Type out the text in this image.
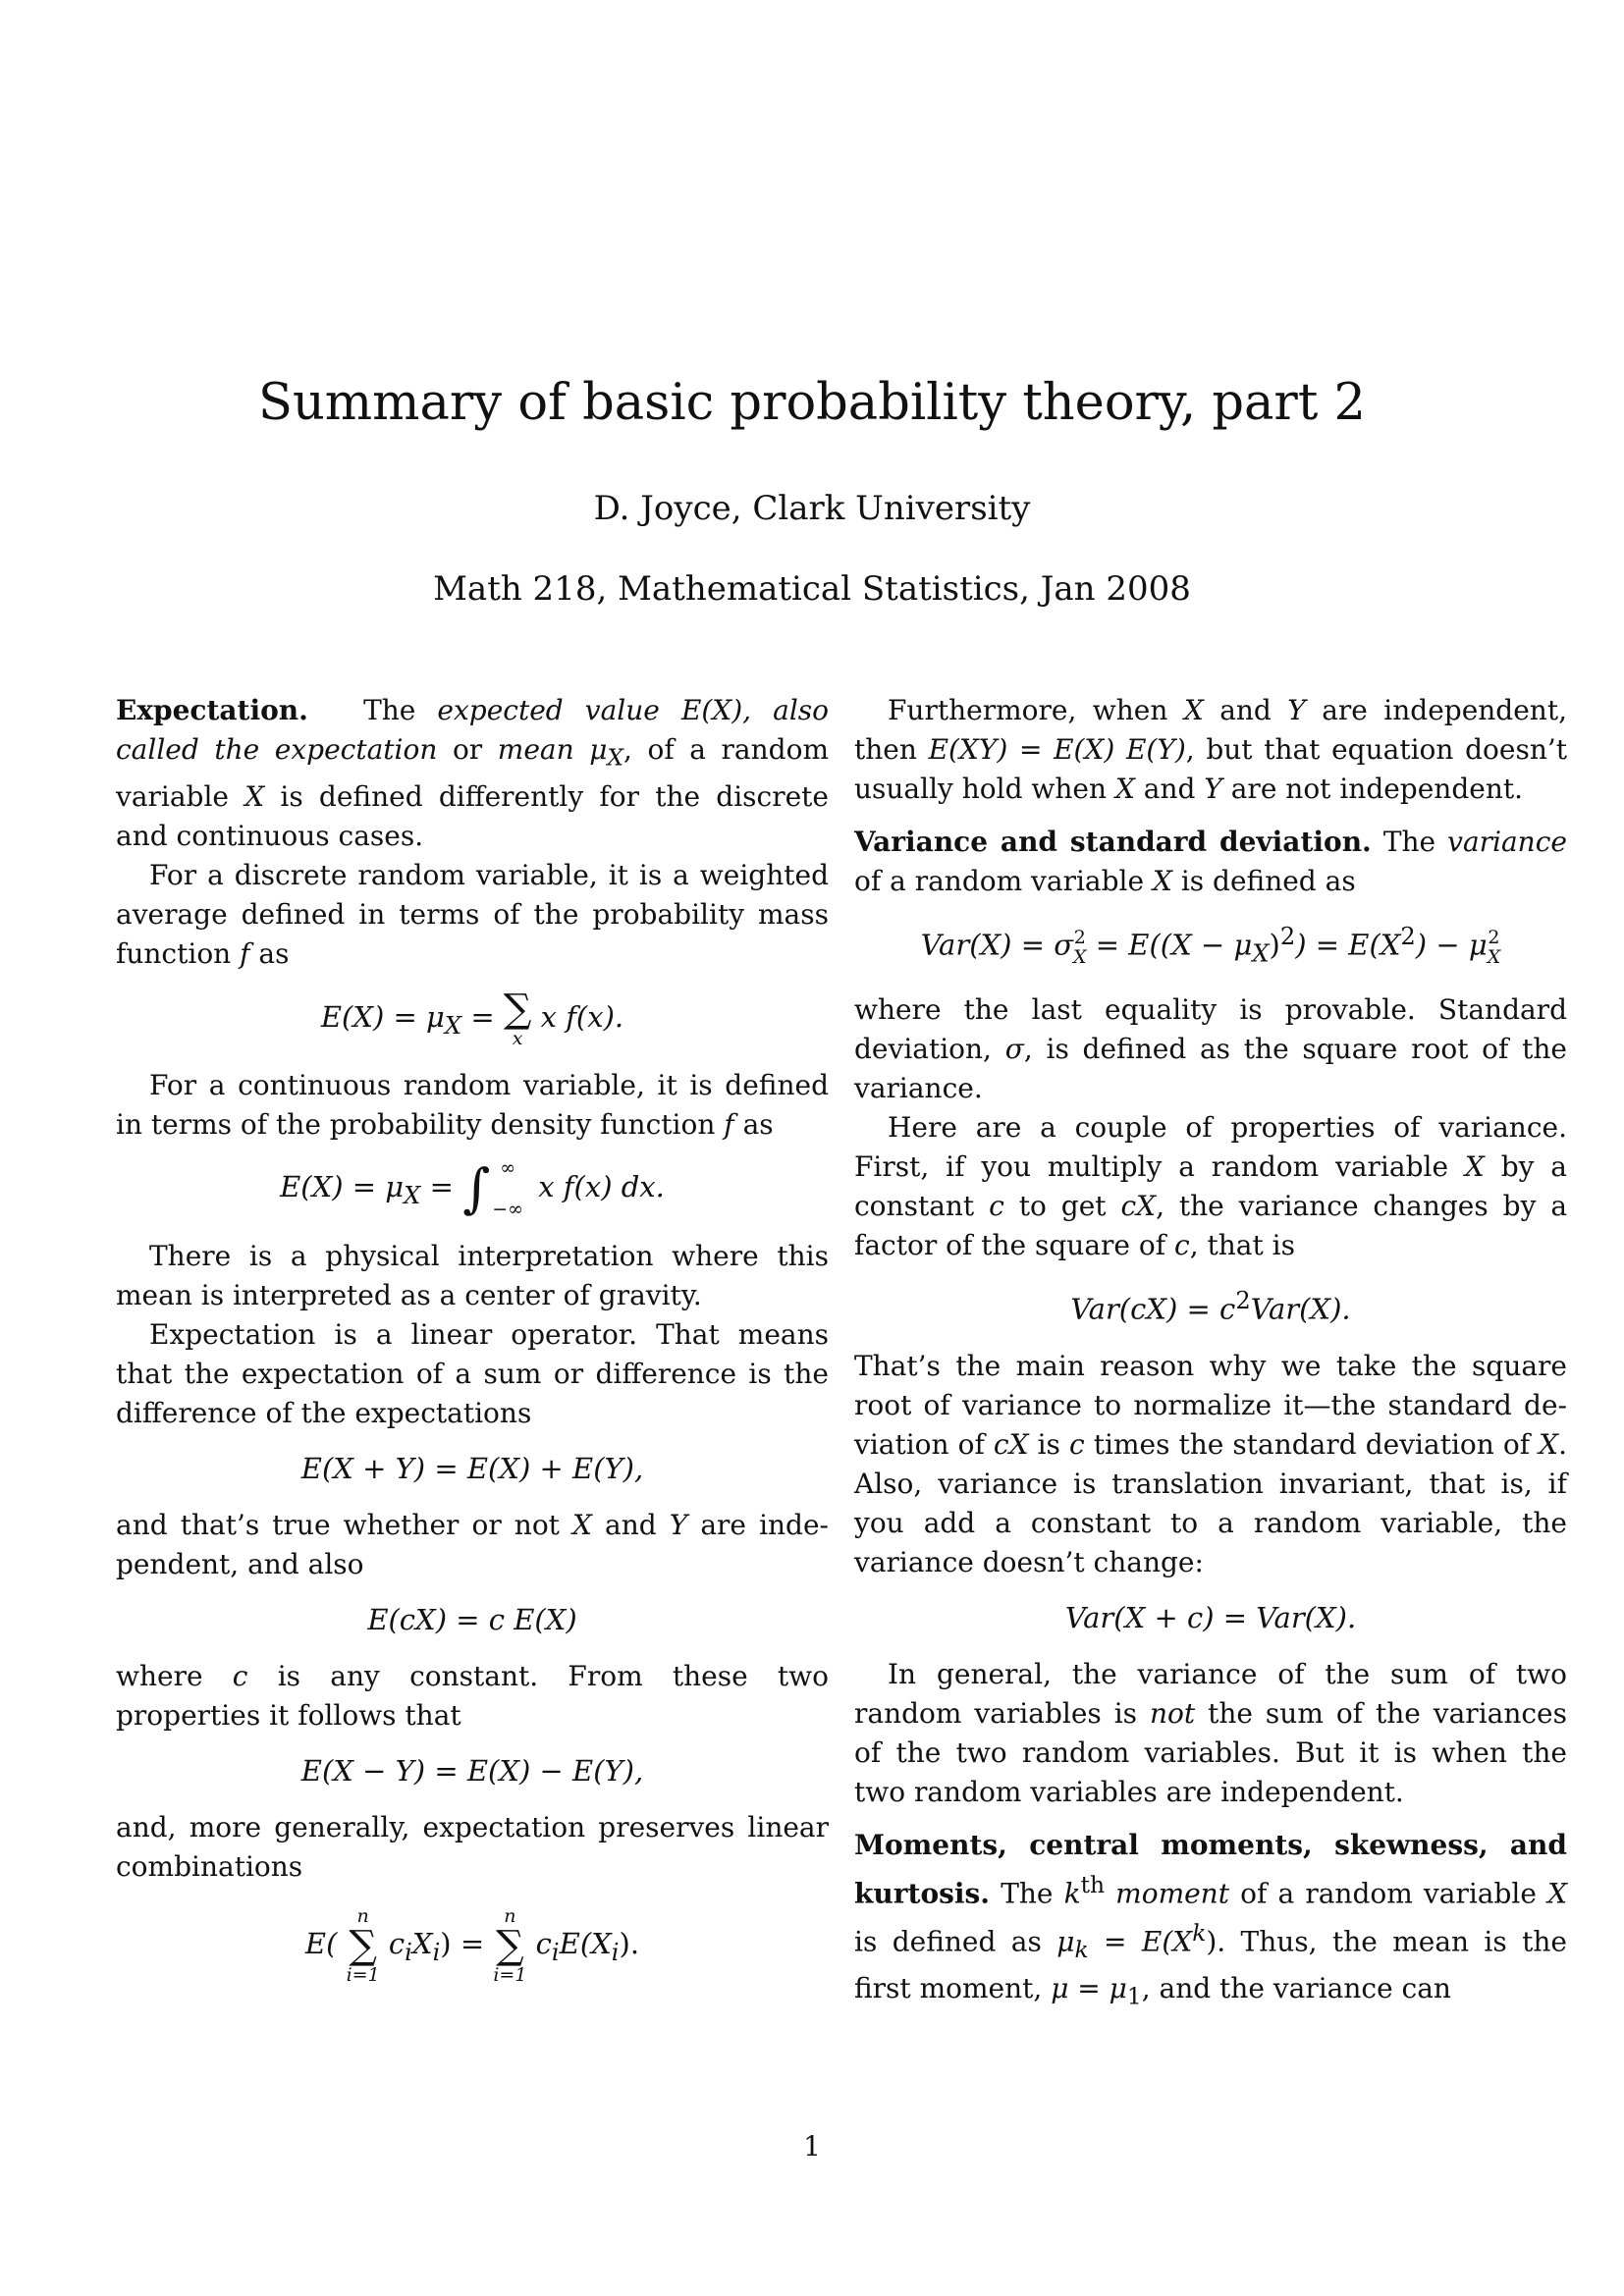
Summary of basic probability theory, part 2
D. Joyce, Clark University
Math 218, Mathematical Statistics, Jan 2008

Expectation. The expected value E(X), also called the expectation or mean $\mu_X$, of a random variable X is defined differently for the discrete and continuous cases.

For a discrete random variable, it is a weighted average defined in terms of the probability mass function f as

$E(X) = \mu_X$ = ∑
x
x f(x).

For a continuous random variable, it is defined in terms of the probability density function f as

$E(X) = \mu_X$ = ∫ ∞
−∞
x f(x) dx.

There is a physical interpretation where this mean is interpreted as a center of gravity.

Expectation is a linear operator. That means that the expectation of a sum or difference is the difference of the expectations

E(X + Y) = E(X) + E(Y),

and that’s true whether or not X and Y are independent, and also

E(cX) = c E(X)

where c is any constant. From these two properties it follows that

E(X − Y) = E(X) − E(Y),

and, more generally, expectation preserves linear combinations

E(
n
∑
i=1
$c_iX_i$) =
n
∑
i=1
$c_iE(X_i)$.

Furthermore, when X and Y are independent, then E(XY) = E(X) E(Y), but that equation doesn’t usually hold when X and Y are not independent.

Variance and standard deviation. The variance of a random variable X is defined as

Var(X) = σ 2
$X = E((X - \mu_X)^2) = E(X^2) - \mu$ 2
X

where the last equality is provable. Standard deviation, σ, is defined as the square root of the variance.

Here are a couple of properties of variance. First, if you multiply a random variable X by a constant c to get cX, the variance changes by a factor of the square of c, that is

$Var(cX) = c^2Var(X)$.

That’s the main reason why we take the square root of variance to normalize it—the standard deviation of cX is c times the standard deviation of X. Also, variance is translation invariant, that is, if you add a constant to a random variable, the variance doesn’t change:

Var(X + c) = Var(X).

In general, the variance of the sum of two random variables is not the sum of the variances of the two random variables. But it is when the two random variables are independent.

Moments, central moments, skewness, and kurtosis. The $k^{th}$ moment of a random variable X is defined as $\mu_k = E(X^k)$. Thus, the mean is the first moment, $\mu = \mu_1$, and the variance can

1
